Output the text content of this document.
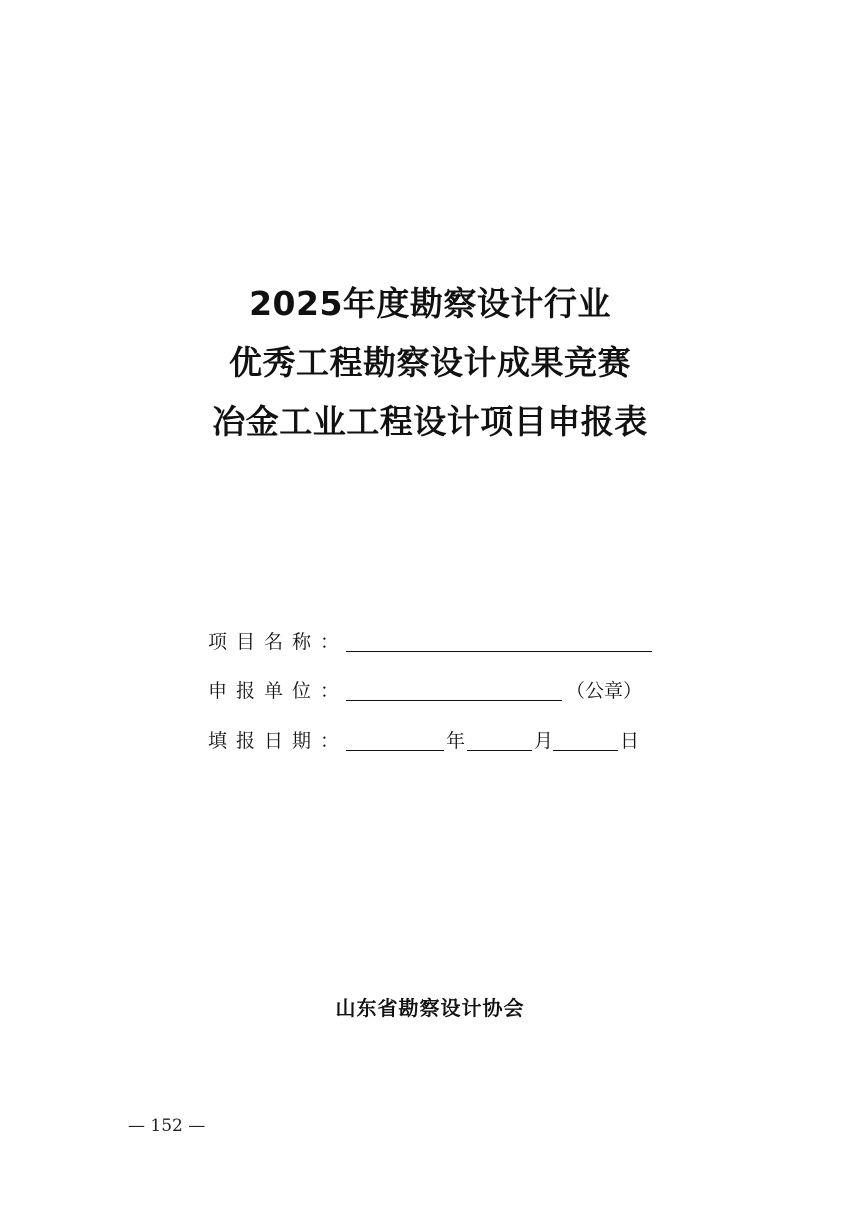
2025年度勘察设计行业
优秀工程勘察设计成果竞赛
冶金工业工程设计项目申报表
项目名称：
申报单位：	（公章）
填报日期：	年	月	日
山东省勘察设计协会
— 152 —
